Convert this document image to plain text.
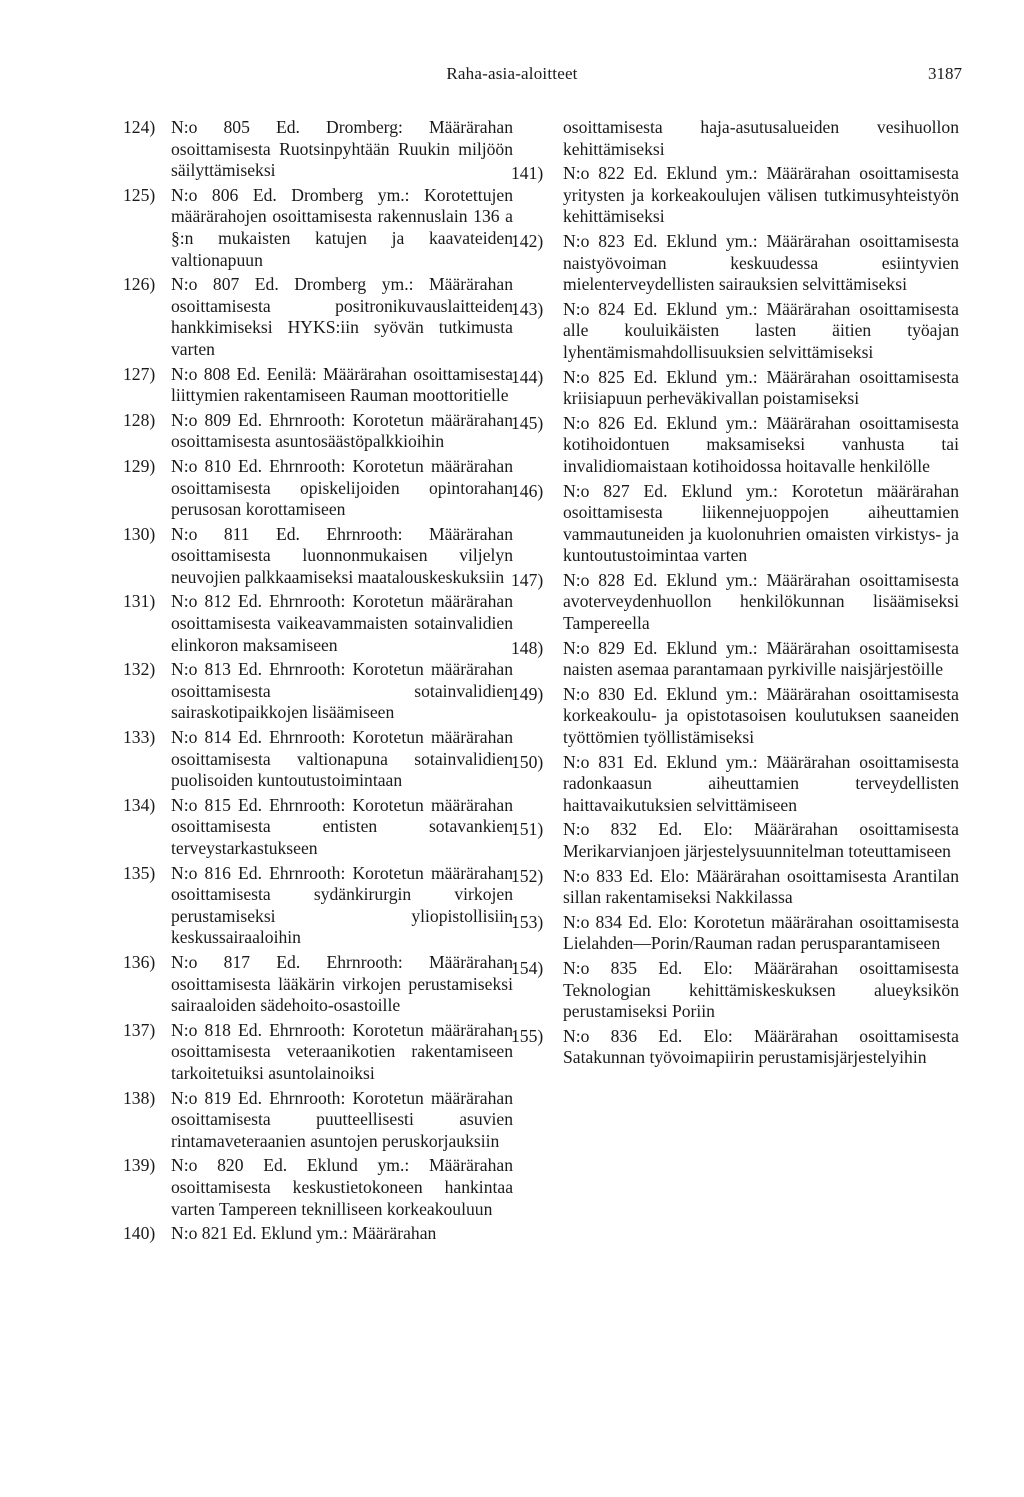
Raha-asia-aloitteet	3187
124) N:o 805 Ed. Dromberg: Määrärahan osoittamisesta Ruotsinpyhtään Ruukin miljöön säilyttämiseksi
125) N:o 806 Ed. Dromberg ym.: Korotettujen määrärahojen osoittamisesta rakennuslain 136 a §:n mukaisten katujen ja kaavateiden valtionapuun
126) N:o 807 Ed. Dromberg ym.: Määrärahan osoittamisesta positronikuvauslaitteiden hankkimiseksi HYKS:iin syövän tutkimusta varten
127) N:o 808 Ed. Eenilä: Määrärahan osoittamisesta liittymien rakentamiseen Rauman moottoritielle
128) N:o 809 Ed. Ehrnrooth: Korotetun määrärahan osoittamisesta asuntosäästöpalkkioihin
129) N:o 810 Ed. Ehrnrooth: Korotetun määrärahan osoittamisesta opiskelijoiden opintorahan perusosan korottamiseen
130) N:o 811 Ed. Ehrnrooth: Määrärahan osoittamisesta luonnonmukaisen viljelyn neuvojien palkkaamiseksi maatalouskeskuksiin
131) N:o 812 Ed. Ehrnrooth: Korotetun määrärahan osoittamisesta vaikeavammaisten sotainvalidien elinkoron maksamiseen
132) N:o 813 Ed. Ehrnrooth: Korotetun määrärahan osoittamisesta sotainvalidien sairaskotipaikkojen lisäämiseen
133) N:o 814 Ed. Ehrnrooth: Korotetun määrärahan osoittamisesta valtionapuna sotainvalidien puolisoiden kuntoutustoimintaan
134) N:o 815 Ed. Ehrnrooth: Korotetun määrärahan osoittamisesta entisten sotavankien terveystarkastukseen
135) N:o 816 Ed. Ehrnrooth: Korotetun määrärahan osoittamisesta sydänkirurgin virkojen perustamiseksi yliopistollisiin keskussairaaloihin
136) N:o 817 Ed. Ehrnrooth: Määrärahan osoittamisesta lääkärin virkojen perustamiseksi sairaaloiden sädehoito-osastoille
137) N:o 818 Ed. Ehrnrooth: Korotetun määrärahan osoittamisesta veteraanikotien rakentamiseen tarkoitetuiksi asuntolainoiksi
138) N:o 819 Ed. Ehrnrooth: Korotetun määrärahan osoittamisesta puutteellisesti asuvien rintamaveteraanien asuntojen peruskorjauksiin
139) N:o 820 Ed. Eklund ym.: Määrärahan osoittamisesta keskustietokoneen hankintaa varten Tampereen teknilliseen korkeakouluun
140) N:o 821 Ed. Eklund ym.: Määrärahan
osoittamisesta haja-asutusalueiden vesihuollon kehittämiseksi
141) N:o 822 Ed. Eklund ym.: Määrärahan osoittamisesta yritysten ja korkeakoulujen välisen tutkimusyhteistyön kehittämiseksi
142) N:o 823 Ed. Eklund ym.: Määrärahan osoittamisesta naistyövoiman keskuudessa esiintyvien mielenterveydellisten sairauksien selvittämiseksi
143) N:o 824 Ed. Eklund ym.: Määrärahan osoittamisesta alle kouluikäisten lasten äitien työajan lyhentämismahdollisuuksien selvittämiseksi
144) N:o 825 Ed. Eklund ym.: Määrärahan osoittamisesta kriisiapuun perheväkivallan poistamiseksi
145) N:o 826 Ed. Eklund ym.: Määrärahan osoittamisesta kotihoidontuen maksamiseksi vanhusta tai invalidiomaistaan kotihoidossa hoitavalle henkilölle
146) N:o 827 Ed. Eklund ym.: Korotetun määrärahan osoittamisesta liikennejuoppojen aiheuttamien vammautuneiden ja kuolonuhrien omaisten virkistys- ja kuntoutustoimintaa varten
147) N:o 828 Ed. Eklund ym.: Määrärahan osoittamisesta avoterveydenhuollon henkilökunnan lisäämiseksi Tampereella
148) N:o 829 Ed. Eklund ym.: Määrärahan osoittamisesta naisten asemaa parantamaan pyrkiville naisjärjestöille
149) N:o 830 Ed. Eklund ym.: Määrärahan osoittamisesta korkeakoulu- ja opistotasoisen koulutuksen saaneiden työttömien työllistämiseksi
150) N:o 831 Ed. Eklund ym.: Määrärahan osoittamisesta radonkaasun aiheuttamien terveydellisten haittavaikutuksien selvittämiseen
151) N:o 832 Ed. Elo: Määrärahan osoittamisesta Merikarvianjoen järjestelysuunnitelman toteuttamiseen
152) N:o 833 Ed. Elo: Määrärahan osoittamisesta Arantilan sillan rakentamiseksi Nakkilassa
153) N:o 834 Ed. Elo: Korotetun määrärahan osoittamisesta Lielahden—Porin/Rauman radan perusparantamiseen
154) N:o 835 Ed. Elo: Määrärahan osoittamisesta Teknologian kehittämiskeskuksen alueyksikön perustamiseksi Poriin
155) N:o 836 Ed. Elo: Määrärahan osoittamisesta Satakunnan työvoimapiirin perustamisjärjestelyihin
